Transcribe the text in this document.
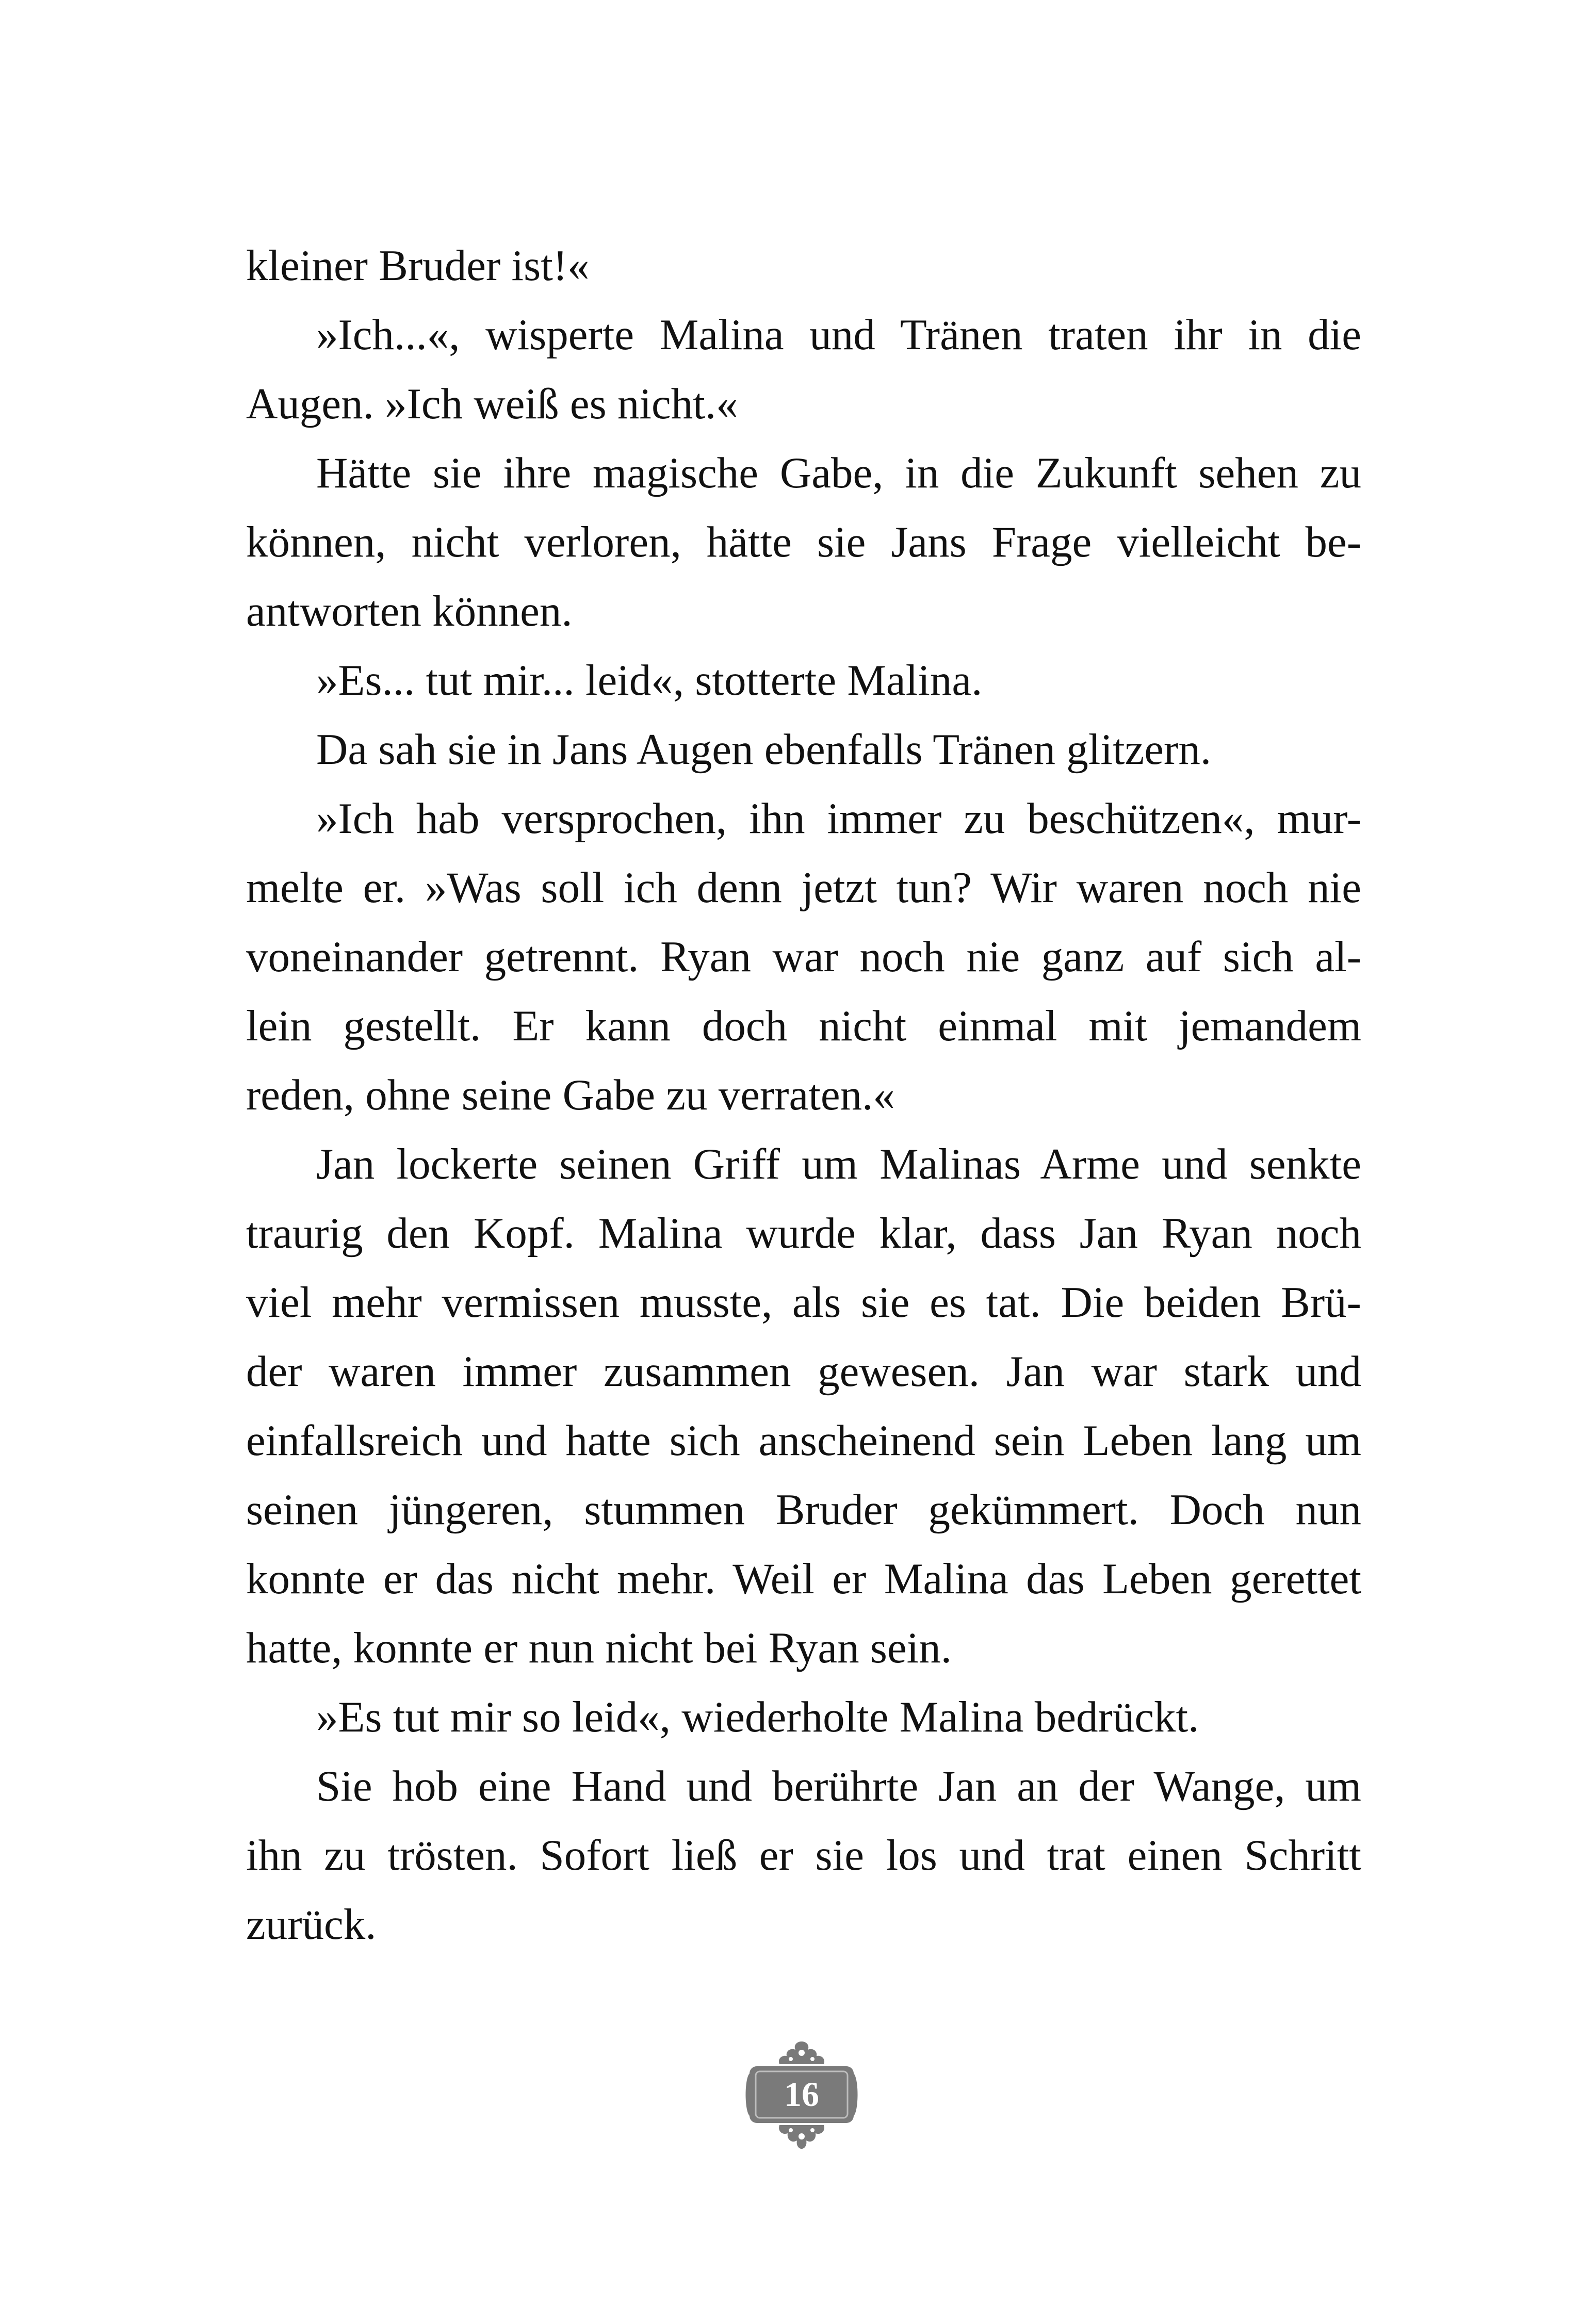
kleiner Bruder ist!«
»Ich...«, wisperte Malina und Tränen traten ihr in die
Augen. »Ich weiß es nicht.«
Hätte sie ihre magische Gabe, in die Zukunft sehen zu
können, nicht verloren, hätte sie Jans Frage vielleicht be-
antworten können.
»Es... tut mir... leid«, stotterte Malina.
Da sah sie in Jans Augen ebenfalls Tränen glitzern.
»Ich hab versprochen, ihn immer zu beschützen«, mur-
melte er. »Was soll ich denn jetzt tun? Wir waren noch nie
voneinander getrennt. Ryan war noch nie ganz auf sich al-
lein gestellt. Er kann doch nicht einmal mit jemandem
reden, ohne seine Gabe zu verraten.«
Jan lockerte seinen Griff um Malinas Arme und senkte
traurig den Kopf. Malina wurde klar, dass Jan Ryan noch
viel mehr vermissen musste, als sie es tat. Die beiden Brü-
der waren immer zusammen gewesen. Jan war stark und
einfallsreich und hatte sich anscheinend sein Leben lang um
seinen jüngeren, stummen Bruder gekümmert. Doch nun
konnte er das nicht mehr. Weil er Malina das Leben gerettet
hatte, konnte er nun nicht bei Ryan sein.
»Es tut mir so leid«, wiederholte Malina bedrückt.
Sie hob eine Hand und berührte Jan an der Wange, um
ihn zu trösten. Sofort ließ er sie los und trat einen Schritt
zurück.
16
